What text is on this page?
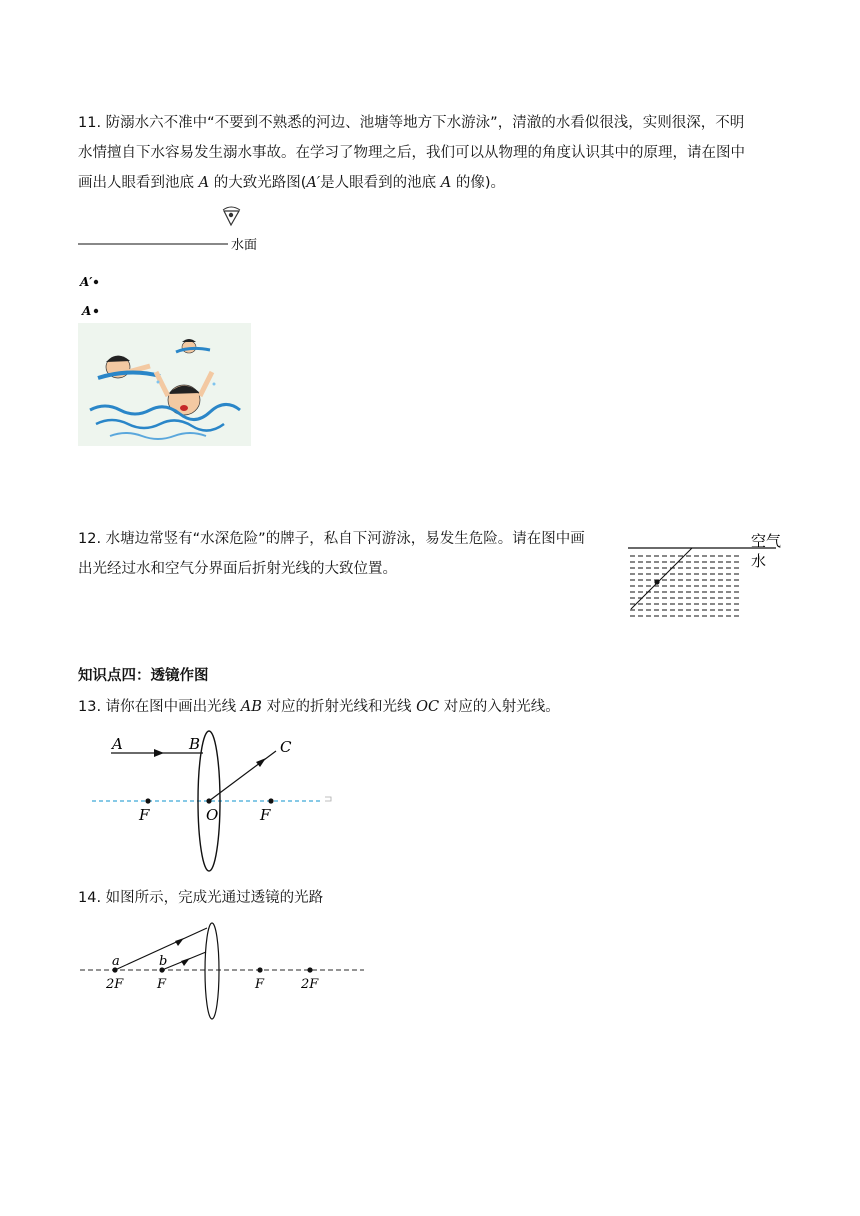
11. 防溺水六不准中“不要到不熟悉的河边、池塘等地方下水游泳”，清澈的水看似很浅，实则很深，不明
水情擅自下水容易发生溺水事故。在学习了物理之后，我们可以从物理的角度认识其中的原理，请在图中
画出人眼看到池底 A 的大致光路图(A′是人眼看到的池底 A 的像)。
水面
A′
A
12. 水塘边常竖有“水深危险”的牌子，私自下河游泳，易发生危险。请在图中画
出光经过水和空气分界面后折射光线的大致位置。
空气
水
知识点四：透镜作图
13. 请你在图中画出光线 AB 对应的折射光线和光线 OC 对应的入射光线。
A	B	C
O
F	F
14. 如图所示，完成光通过透镜的光路
a	b
2F	F	F	2F
